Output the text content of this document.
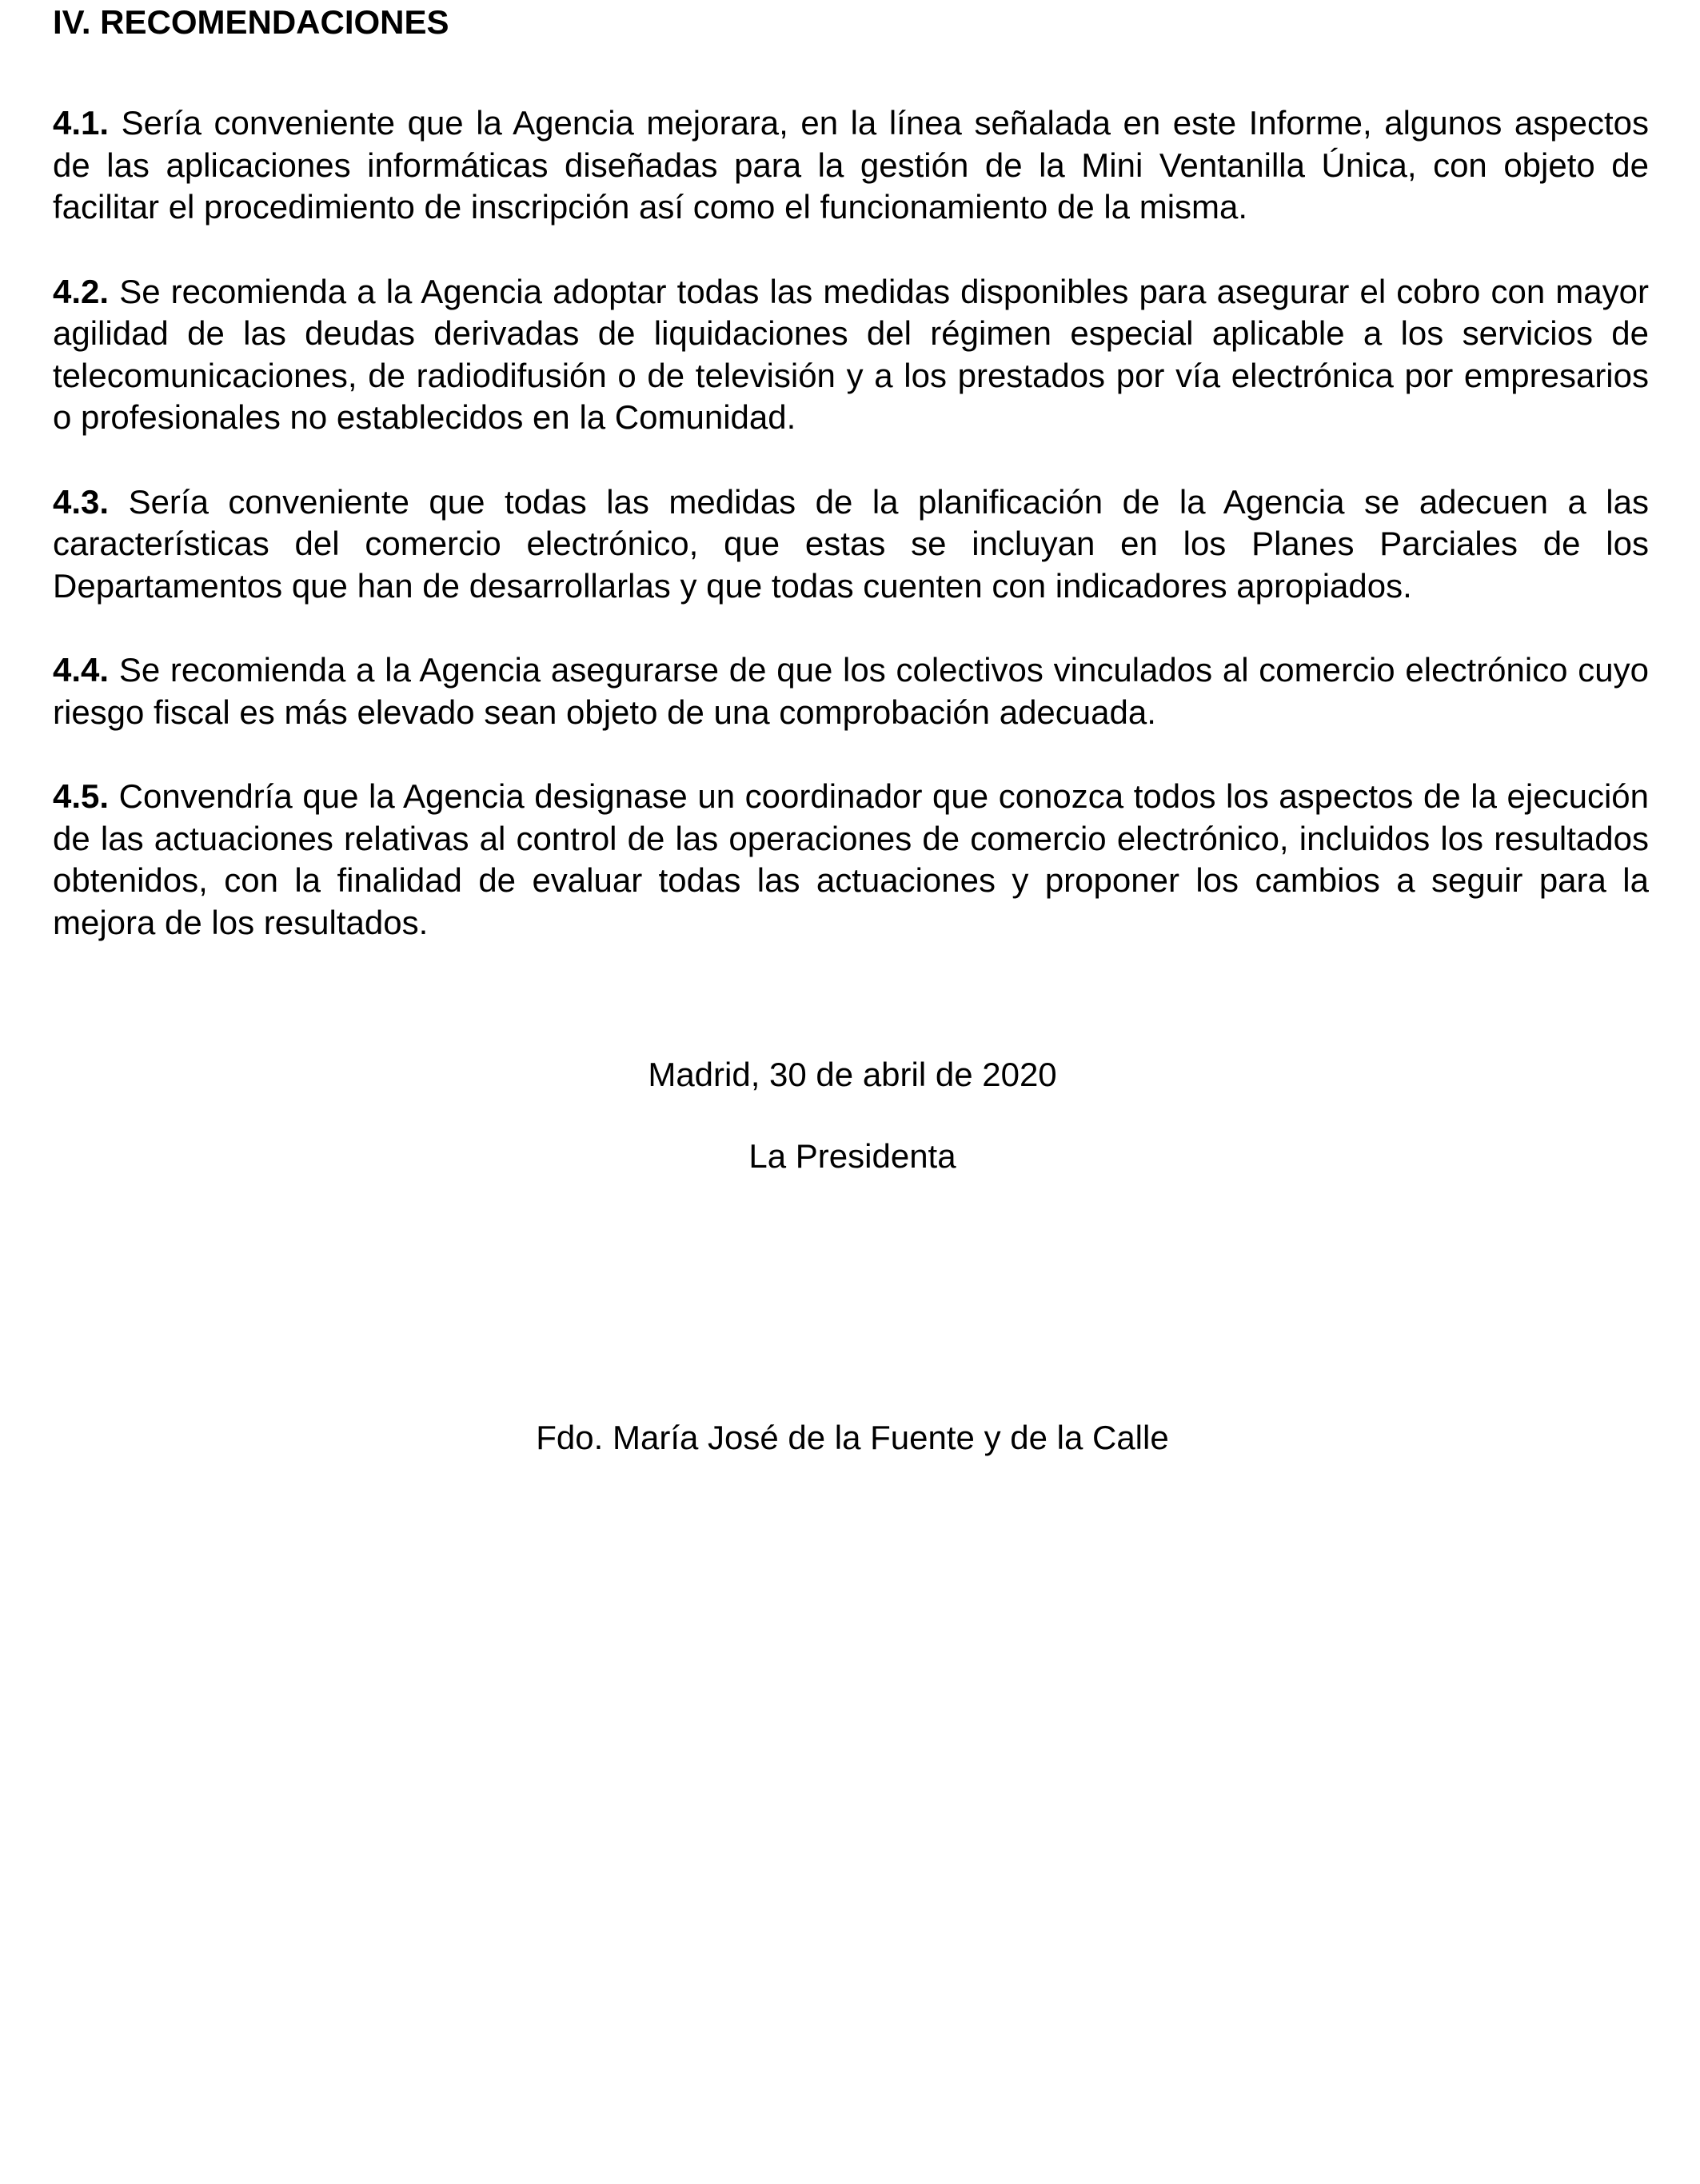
IV. RECOMENDACIONES

4.1. Sería conveniente que la Agencia mejorara, en la línea señalada en este Informe, algunos aspectos de las aplicaciones informáticas diseñadas para la gestión de la Mini Ventanilla Única, con objeto de facilitar el procedimiento de inscripción así como el funcionamiento de la misma.

4.2. Se recomienda a la Agencia adoptar todas las medidas disponibles para asegurar el cobro con mayor agilidad de las deudas derivadas de liquidaciones del régimen especial aplicable a los servicios de telecomunicaciones, de radiodifusión o de televisión y a los prestados por vía electrónica por empresarios o profesionales no establecidos en la Comunidad.

4.3. Sería conveniente que todas las medidas de la planificación de la Agencia se adecuen a las características del comercio electrónico, que estas se incluyan en los Planes Parciales de los Departamentos que han de desarrollarlas y que todas cuenten con indicadores apropiados.

4.4. Se recomienda a la Agencia asegurarse de que los colectivos vinculados al comercio electrónico cuyo riesgo fiscal es más elevado sean objeto de una comprobación adecuada.

4.5. Convendría que la Agencia designase un coordinador que conozca todos los aspectos de la ejecución de las actuaciones relativas al control de las operaciones de comercio electrónico, incluidos los resultados obtenidos, con la finalidad de evaluar todas las actuaciones y proponer los cambios a seguir para la mejora de los resultados.

Madrid, 30 de abril de 2020
La Presidenta
Fdo. María José de la Fuente y de la Calle
